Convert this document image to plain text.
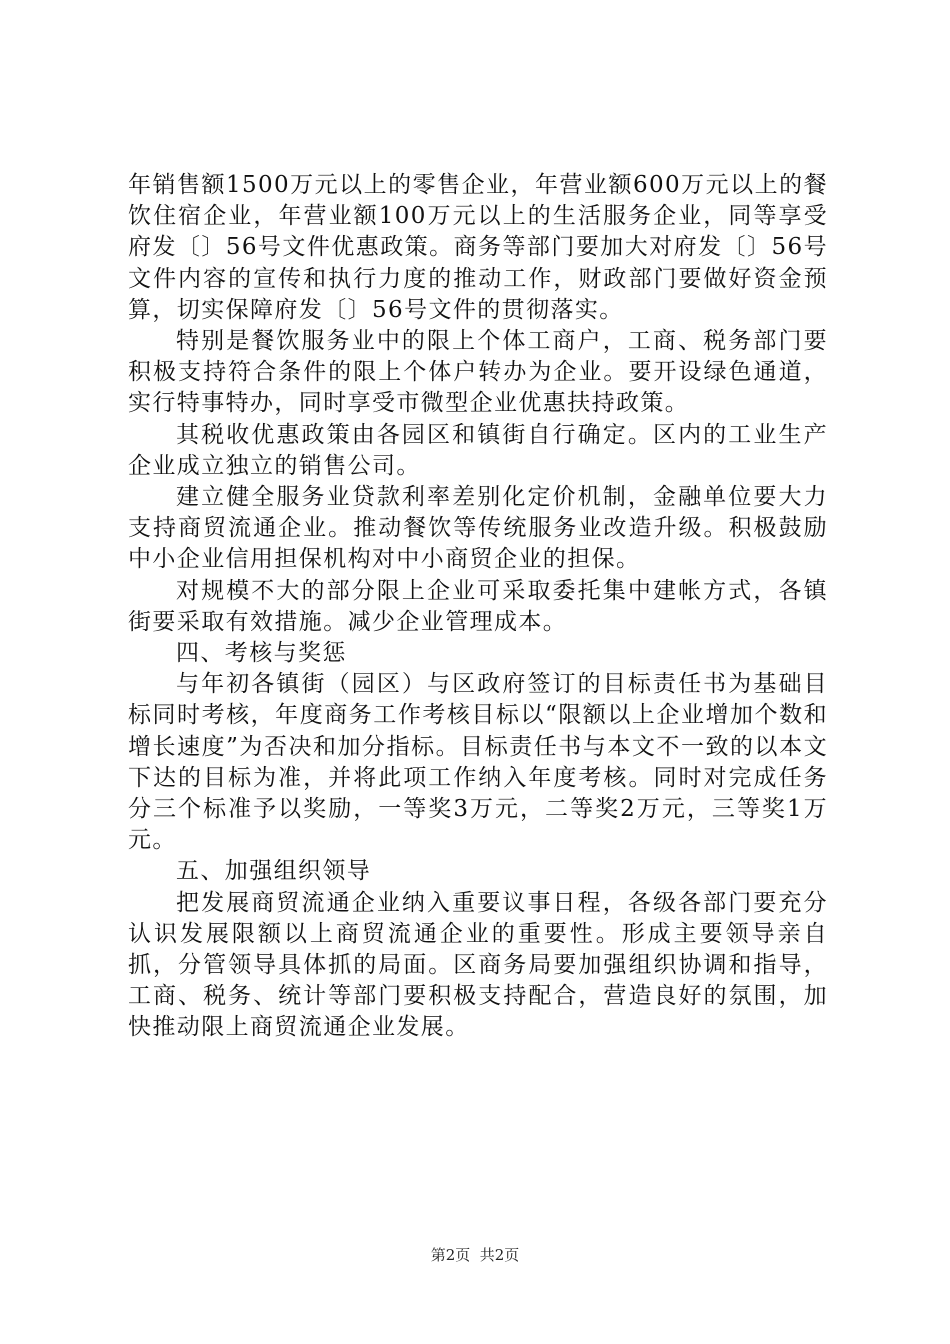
年销售额1500万元以上的零售企业，年营业额600万元以上的餐饮住宿企业，年营业额100万元以上的生活服务企业，同等享受府发〔〕56号文件优惠政策。商务等部门要加大对府发〔〕56号文件内容的宣传和执行力度的推动工作，财政部门要做好资金预算，切实保障府发〔〕56号文件的贯彻落实。

特别是餐饮服务业中的限上个体工商户，工商、税务部门要积极支持符合条件的限上个体户转办为企业。要开设绿色通道，实行特事特办，同时享受市微型企业优惠扶持政策。

其税收优惠政策由各园区和镇街自行确定。区内的工业生产企业成立独立的销售公司。

建立健全服务业贷款利率差别化定价机制，金融单位要大力支持商贸流通企业。推动餐饮等传统服务业改造升级。积极鼓励中小企业信用担保机构对中小商贸企业的担保。

对规模不大的部分限上企业可采取委托集中建帐方式，各镇街要采取有效措施。减少企业管理成本。

四、考核与奖惩

与年初各镇街（园区）与区政府签订的目标责任书为基础目标同时考核，年度商务工作考核目标以“限额以上企业增加个数和增长速度”为否决和加分指标。目标责任书与本文不一致的以本文下达的目标为准，并将此项工作纳入年度考核。同时对完成任务分三个标准予以奖励，一等奖3万元，二等奖2万元，三等奖1万元。

五、加强组织领导

把发展商贸流通企业纳入重要议事日程，各级各部门要充分认识发展限额以上商贸流通企业的重要性。形成主要领导亲自抓，分管领导具体抓的局面。区商务局要加强组织协调和指导，工商、税务、统计等部门要积极支持配合，营造良好的氛围，加快推动限上商贸流通企业发展。

第2页  共2页
